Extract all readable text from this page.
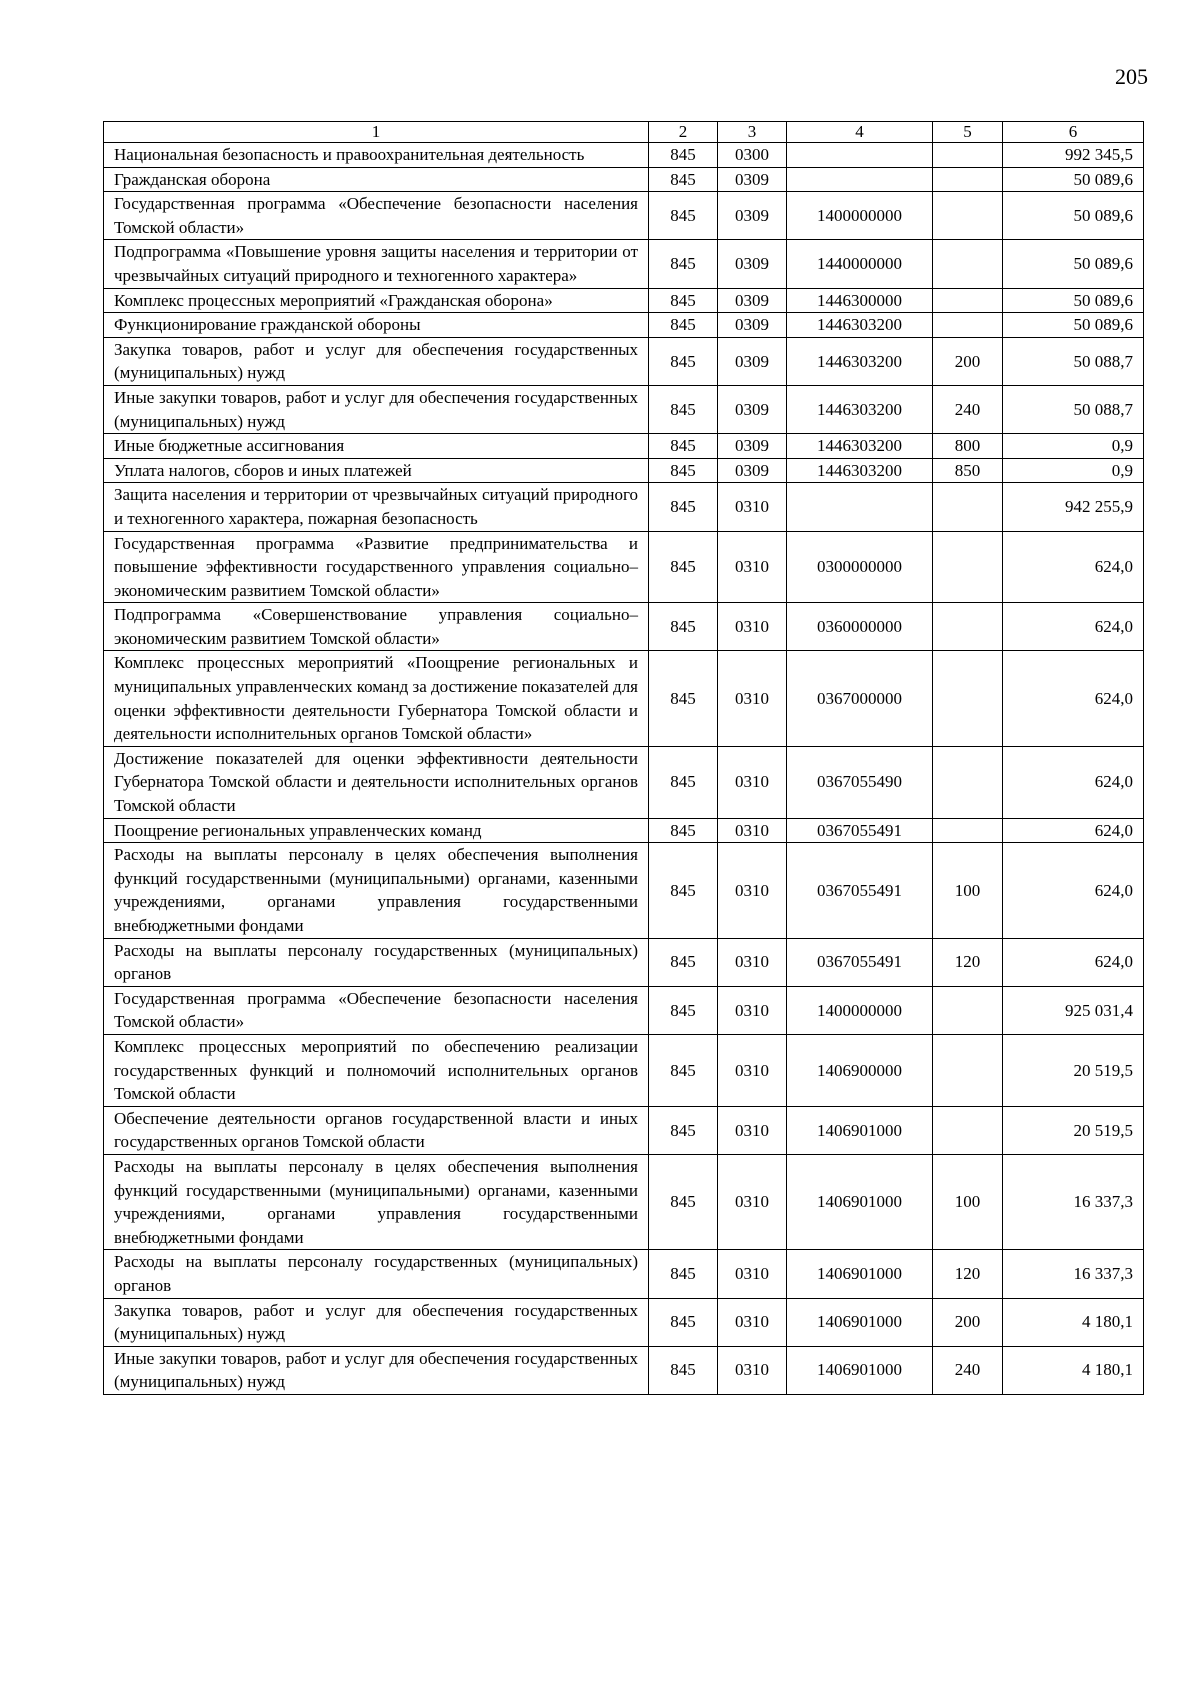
205
1	2	3	4	5	6
Национальная безопасность и правоохранительная деятельность	845	0300			992 345,5
Гражданская оборона	845	0309			50 089,6
Государственная программа «Обеспечение безопасности населения Томской области»	845	0309	1400000000		50 089,6
Подпрограмма «Повышение уровня защиты населения и территории от чрезвычайных ситуаций природного и техногенного характера»	845	0309	1440000000		50 089,6
Комплекс процессных мероприятий «Гражданская оборона»	845	0309	1446300000		50 089,6
Функционирование гражданской обороны	845	0309	1446303200		50 089,6
Закупка товаров, работ и услуг для обеспечения государственных (муниципальных) нужд	845	0309	1446303200	200	50 088,7
Иные закупки товаров, работ и услуг для обеспечения государственных (муниципальных) нужд	845	0309	1446303200	240	50 088,7
Иные бюджетные ассигнования	845	0309	1446303200	800	0,9
Уплата налогов, сборов и иных платежей	845	0309	1446303200	850	0,9
Защита населения и территории от чрезвычайных ситуаций природного и техногенного характера, пожарная безопасность	845	0310			942 255,9
Государственная программа «Развитие предпринимательства и повышение эффективности государственного управления социально–экономическим развитием Томской области»	845	0310	0300000000		624,0
Подпрограмма «Совершенствование управления социально–экономическим развитием Томской области»	845	0310	0360000000		624,0
Комплекс процессных мероприятий «Поощрение региональных и муниципальных управленческих команд за достижение показателей для оценки эффективности деятельности Губернатора Томской области и деятельности исполнительных органов Томской области»	845	0310	0367000000		624,0
Достижение показателей для оценки эффективности деятельности Губернатора Томской области и деятельности исполнительных органов Томской области	845	0310	0367055490		624,0
Поощрение региональных управленческих команд	845	0310	0367055491		624,0
Расходы на выплаты персоналу в целях обеспечения выполнения функций государственными (муниципальными) органами, казенными учреждениями, органами управления государственными внебюджетными фондами	845	0310	0367055491	100	624,0
Расходы на выплаты персоналу государственных (муниципальных) органов	845	0310	0367055491	120	624,0
Государственная программа «Обеспечение безопасности населения Томской области»	845	0310	1400000000		925 031,4
Комплекс процессных мероприятий по обеспечению реализации государственных функций и полномочий исполнительных органов Томской области	845	0310	1406900000		20 519,5
Обеспечение деятельности органов государственной власти и иных государственных органов Томской области	845	0310	1406901000		20 519,5
Расходы на выплаты персоналу в целях обеспечения выполнения функций государственными (муниципальными) органами, казенными учреждениями, органами управления государственными внебюджетными фондами	845	0310	1406901000	100	16 337,3
Расходы на выплаты персоналу государственных (муниципальных) органов	845	0310	1406901000	120	16 337,3
Закупка товаров, работ и услуг для обеспечения государственных (муниципальных) нужд	845	0310	1406901000	200	4 180,1
Иные закупки товаров, работ и услуг для обеспечения государственных (муниципальных) нужд	845	0310	1406901000	240	4 180,1
